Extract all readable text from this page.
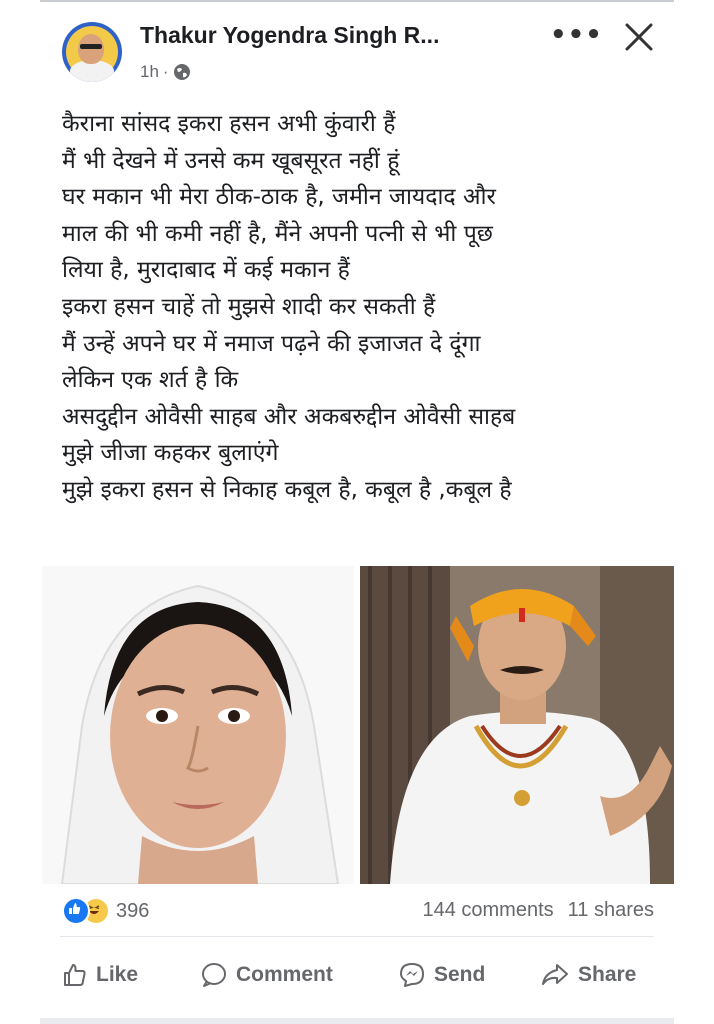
Thakur Yogendra Singh R...
1h ·
•••
कैराना सांसद इकरा हसन अभी कुंवारी हैं
मैं भी देखने में उनसे कम खूबसूरत नहीं हूं
घर मकान भी मेरा ठीक-ठाक है, जमीन जायदाद और
माल की भी कमी नहीं है, मैंने अपनी पत्नी से भी पूछ
लिया है, मुरादाबाद में कई मकान हैं
इकरा हसन चाहें तो मुझसे शादी कर सकती हैं
मैं उन्हें अपने घर में नमाज पढ़ने की इजाजत दे दूंगा
लेकिन एक शर्त है कि
असदुद्दीन ओवैसी साहब और अकबरुद्दीन ओवैसी साहब
मुझे जीजा कहकर बुलाएंगे
मुझे इकरा हसन से निकाह कबूल है, कबूल है ,कबूल है
396	144 comments 11 shares
Like	Comment	Send	Share
